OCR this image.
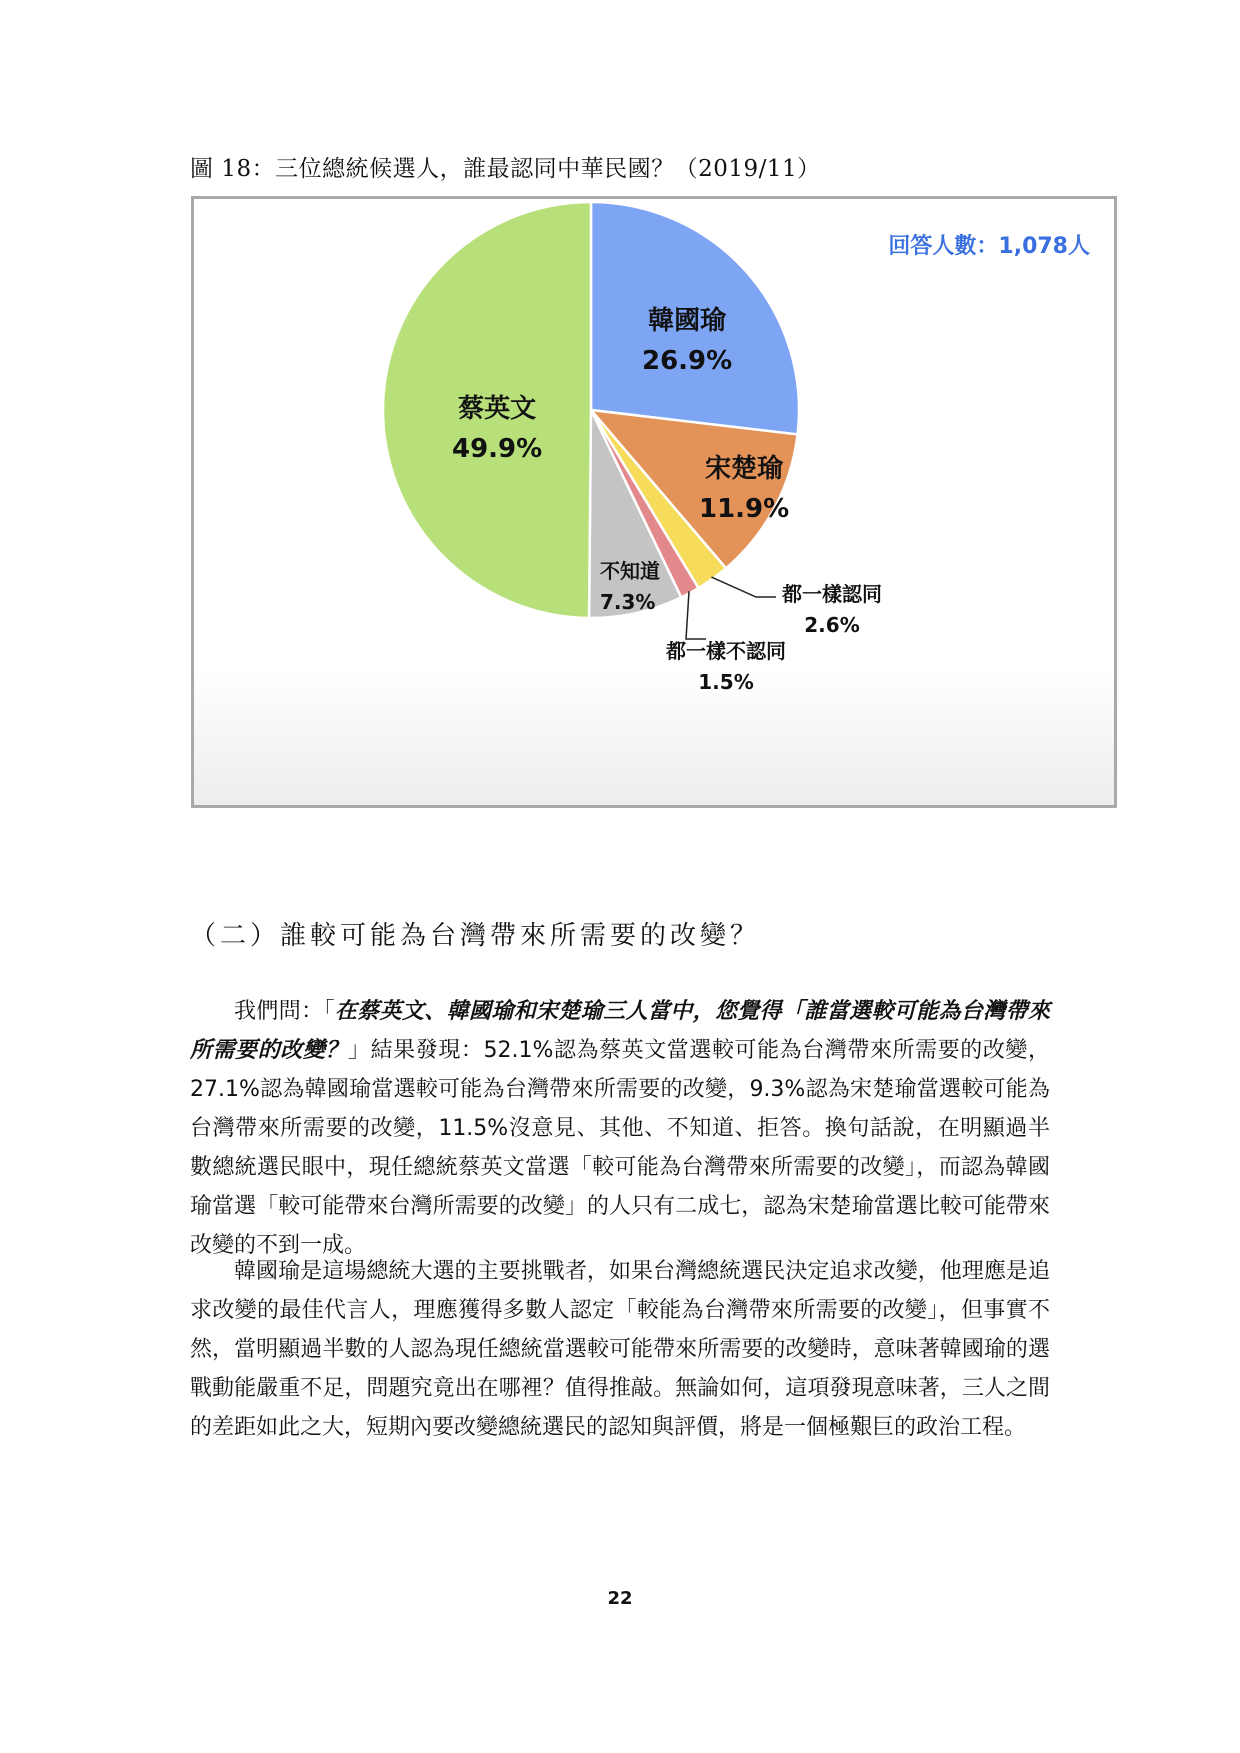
圖 18：三位總統候選人，誰最認同中華民國？（2019/11）
回答人數：1,078人
韓國瑜
26.9%
蔡英文
49.9%
宋楚瑜
11.9%
不知道
7.3%	都一樣認同
2.6%
都一樣不認同
1.5%
（二）誰較可能為台灣帶來所需要的改變？

我們問：「在蔡英文、韓國瑜和宋楚瑜三人當中，您覺得「誰當選較可能為台灣帶來所需要的改變？」結果發現：52.1%認為蔡英文當選較可能為台灣帶來所需要的改變，27.1%認為韓國瑜當選較可能為台灣帶來所需要的改變，9.3%認為宋楚瑜當選較可能為台灣帶來所需要的改變，11.5%沒意見、其他、不知道、拒答。換句話說，在明顯過半數總統選民眼中，現任總統蔡英文當選「較可能為台灣帶來所需要的改變」，而認為韓國瑜當選「較可能帶來台灣所需要的改變」的人只有二成七，認為宋楚瑜當選比較可能帶來改變的不到一成。

韓國瑜是這場總統大選的主要挑戰者，如果台灣總統選民決定追求改變，他理應是追求改變的最佳代言人，理應獲得多數人認定「較能為台灣帶來所需要的改變」，但事實不然，當明顯過半數的人認為現任總統當選較可能帶來所需要的改變時，意味著韓國瑜的選戰動能嚴重不足，問題究竟出在哪裡？值得推敲。無論如何，這項發現意味著，三人之間的差距如此之大，短期內要改變總統選民的認知與評價，將是一個極艱巨的政治工程。

22
